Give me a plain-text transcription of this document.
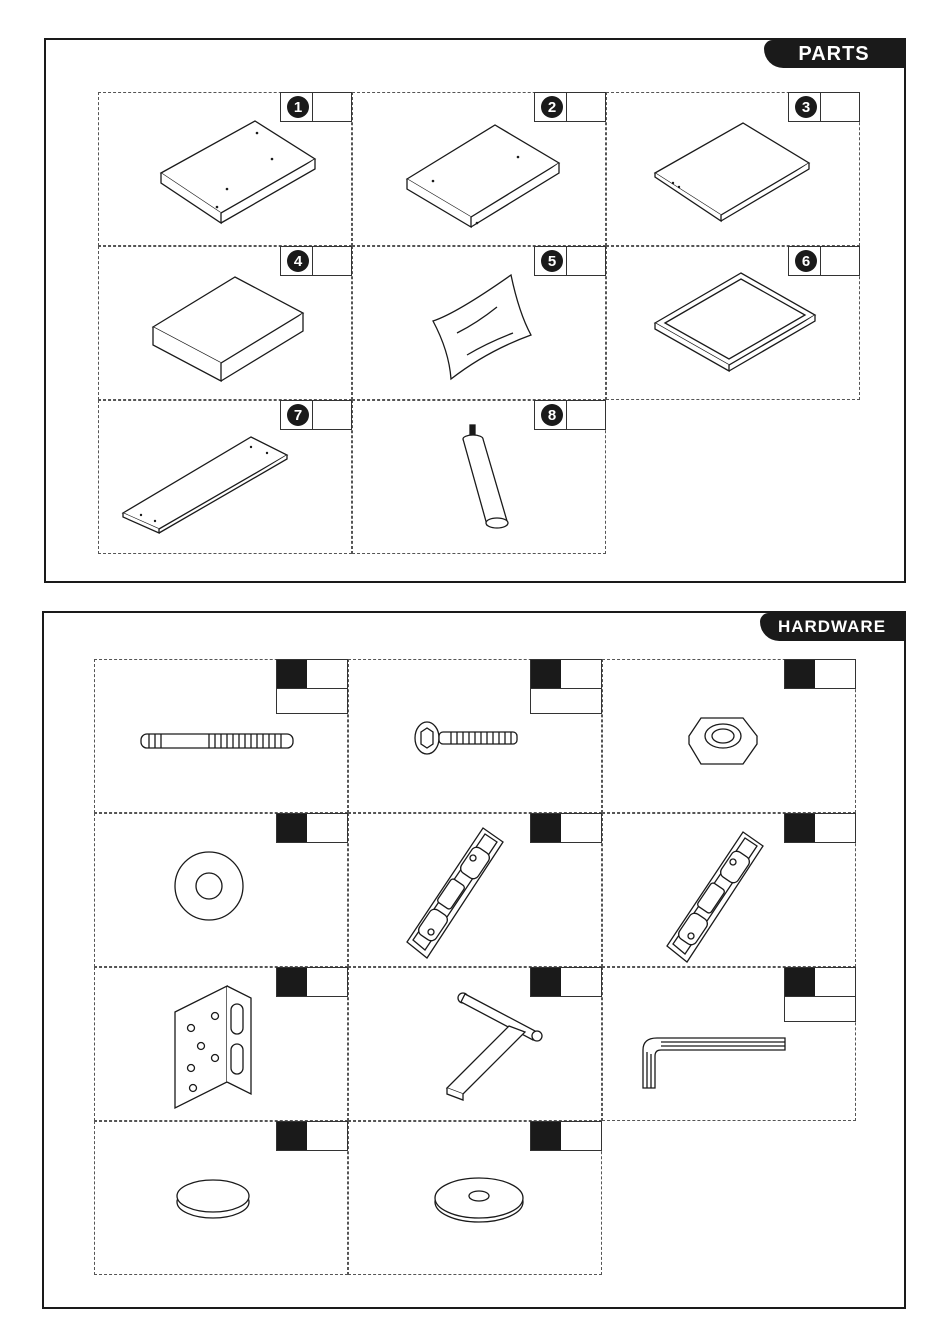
PARTS
1	2	3
4	5	6
7	8
HARDWARE
